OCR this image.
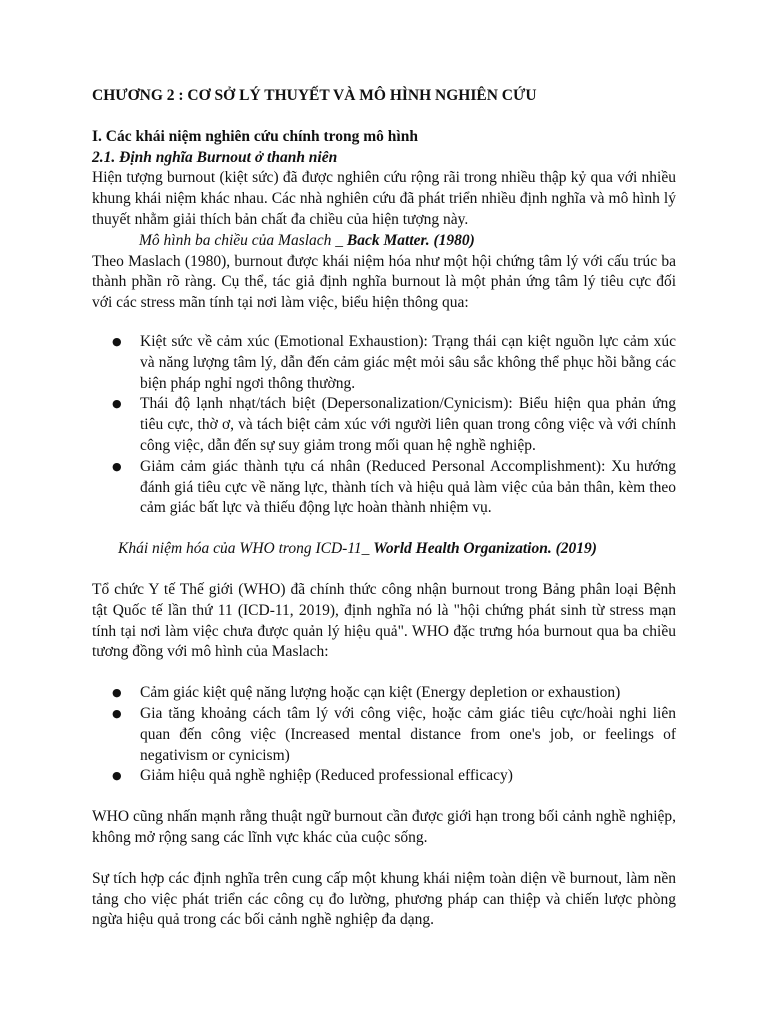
CHƯƠNG 2 : CƠ SỞ LÝ THUYẾT VÀ MÔ HÌNH NGHIÊN CỨU
I. Các khái niệm nghiên cứu chính trong mô hình
2.1. Định nghĩa Burnout ở thanh niên

Hiện tượng burnout (kiệt sức) đã được nghiên cứu rộng rãi trong nhiều thập kỷ qua với nhiều khung khái niệm khác nhau. Các nhà nghiên cứu đã phát triển nhiều định nghĩa và mô hình lý thuyết nhằm giải thích bản chất đa chiều của hiện tượng này.

Mô hình ba chiều của Maslach _ Back Matter. (1980)

Theo Maslach (1980), burnout được khái niệm hóa như một hội chứng tâm lý với cấu trúc ba thành phần rõ ràng. Cụ thể, tác giả định nghĩa burnout là một phản ứng tâm lý tiêu cực đối với các stress mãn tính tại nơi làm việc, biểu hiện thông qua:

● Kiệt sức về cảm xúc (Emotional Exhaustion): Trạng thái cạn kiệt nguồn lực cảm xúc và năng lượng tâm lý, dẫn đến cảm giác mệt mỏi sâu sắc không thể phục hồi bằng các biện pháp nghỉ ngơi thông thường.
● Thái độ lạnh nhạt/tách biệt (Depersonalization/Cynicism): Biểu hiện qua phản ứng tiêu cực, thờ ơ, và tách biệt cảm xúc với người liên quan trong công việc và với chính công việc, dẫn đến sự suy giảm trong mối quan hệ nghề nghiệp.
● Giảm cảm giác thành tựu cá nhân (Reduced Personal Accomplishment): Xu hướng đánh giá tiêu cực về năng lực, thành tích và hiệu quả làm việc của bản thân, kèm theo cảm giác bất lực và thiếu động lực hoàn thành nhiệm vụ.
Khái niệm hóa của WHO trong ICD-11_ World Health Organization. (2019)

Tổ chức Y tế Thế giới (WHO) đã chính thức công nhận burnout trong Bảng phân loại Bệnh tật Quốc tế lần thứ 11 (ICD-11, 2019), định nghĩa nó là "hội chứng phát sinh từ stress mạn tính tại nơi làm việc chưa được quản lý hiệu quả". WHO đặc trưng hóa burnout qua ba chiều tương đồng với mô hình của Maslach:

● Cảm giác kiệt quệ năng lượng hoặc cạn kiệt (Energy depletion or exhaustion)
● Gia tăng khoảng cách tâm lý với công việc, hoặc cảm giác tiêu cực/hoài nghi liên quan đến công việc (Increased mental distance from one's job, or feelings of negativism or cynicism)
● Giảm hiệu quả nghề nghiệp (Reduced professional efficacy)

WHO cũng nhấn mạnh rằng thuật ngữ burnout cần được giới hạn trong bối cảnh nghề nghiệp, không mở rộng sang các lĩnh vực khác của cuộc sống.

Sự tích hợp các định nghĩa trên cung cấp một khung khái niệm toàn diện về burnout, làm nền tảng cho việc phát triển các công cụ đo lường, phương pháp can thiệp và chiến lược phòng ngừa hiệu quả trong các bối cảnh nghề nghiệp đa dạng.
